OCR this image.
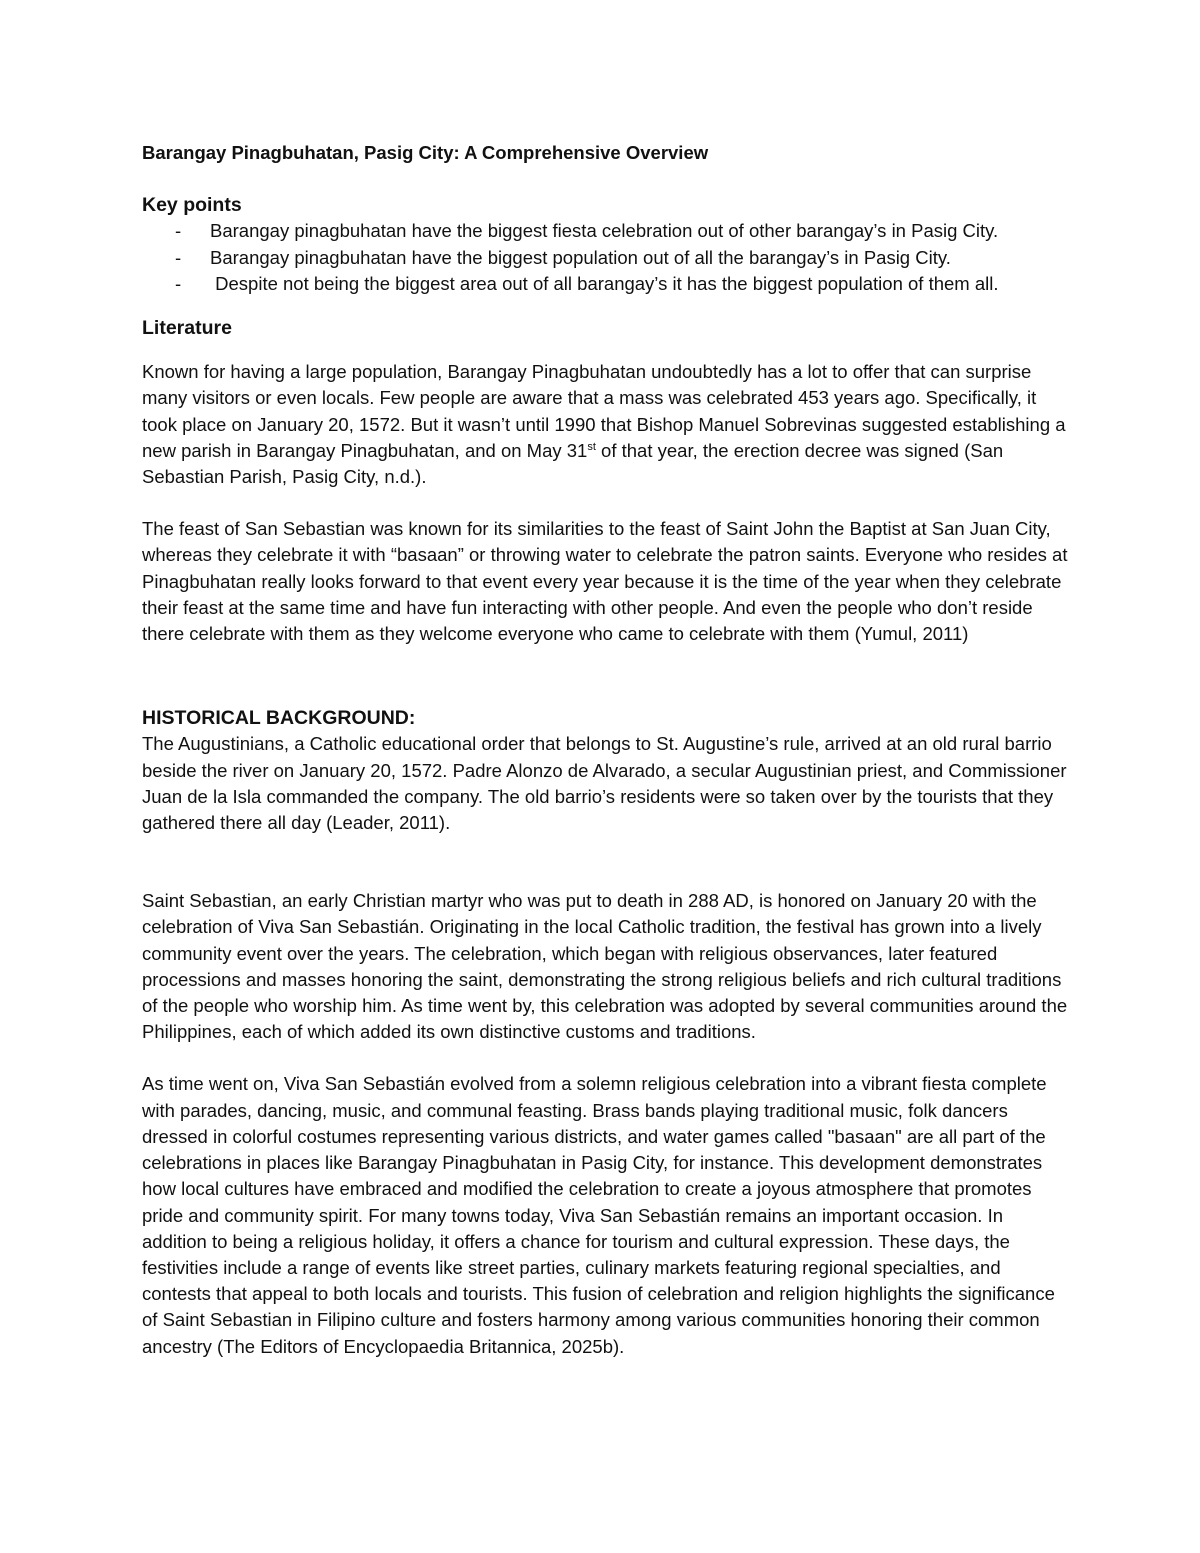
Barangay Pinagbuhatan, Pasig City: A Comprehensive Overview
Key points
- Barangay pinagbuhatan have the biggest fiesta celebration out of other barangay’s in Pasig City.
- Barangay pinagbuhatan have the biggest population out of all the barangay’s in Pasig City.
- Despite not being the biggest area out of all barangay’s it has the biggest population of them all.
Literature

Known for having a large population, Barangay Pinagbuhatan undoubtedly has a lot to offer that can surprise many visitors or even locals. Few people are aware that a mass was celebrated 453 years ago. Specifically, it took place on January 20, 1572. But it wasn’t until 1990 that Bishop Manuel Sobrevinas suggested establishing a new parish in Barangay Pinagbuhatan, and on May 31st of that year, the erection decree was signed (San Sebastian Parish, Pasig City, n.d.).

The feast of San Sebastian was known for its similarities to the feast of Saint John the Baptist at San Juan City, whereas they celebrate it with “basaan” or throwing water to celebrate the patron saints. Everyone who resides at Pinagbuhatan really looks forward to that event every year because it is the time of the year when they celebrate their feast at the same time and have fun interacting with other people. And even the people who don’t reside there celebrate with them as they welcome everyone who came to celebrate with them (Yumul, 2011)

HISTORICAL BACKGROUND:

The Augustinians, a Catholic educational order that belongs to St. Augustine’s rule, arrived at an old rural barrio beside the river on January 20, 1572. Padre Alonzo de Alvarado, a secular Augustinian priest, and Commissioner Juan de la Isla commanded the company. The old barrio’s residents were so taken over by the tourists that they gathered there all day (Leader, 2011).

Saint Sebastian, an early Christian martyr who was put to death in 288 AD, is honored on January 20 with the celebration of Viva San Sebastián. Originating in the local Catholic tradition, the festival has grown into a lively community event over the years. The celebration, which began with religious observances, later featured processions and masses honoring the saint, demonstrating the strong religious beliefs and rich cultural traditions of the people who worship him. As time went by, this celebration was adopted by several communities around the Philippines, each of which added its own distinctive customs and traditions.

As time went on, Viva San Sebastián evolved from a solemn religious celebration into a vibrant fiesta complete with parades, dancing, music, and communal feasting. Brass bands playing traditional music, folk dancers dressed in colorful costumes representing various districts, and water games called "basaan" are all part of the celebrations in places like Barangay Pinagbuhatan in Pasig City, for instance. This development demonstrates how local cultures have embraced and modified the celebration to create a joyous atmosphere that promotes pride and community spirit. For many towns today, Viva San Sebastián remains an important occasion. In addition to being a religious holiday, it offers a chance for tourism and cultural expression. These days, the festivities include a range of events like street parties, culinary markets featuring regional specialties, and contests that appeal to both locals and tourists. This fusion of celebration and religion highlights the significance of Saint Sebastian in Filipino culture and fosters harmony among various communities honoring their common ancestry (The Editors of Encyclopaedia Britannica, 2025b).
